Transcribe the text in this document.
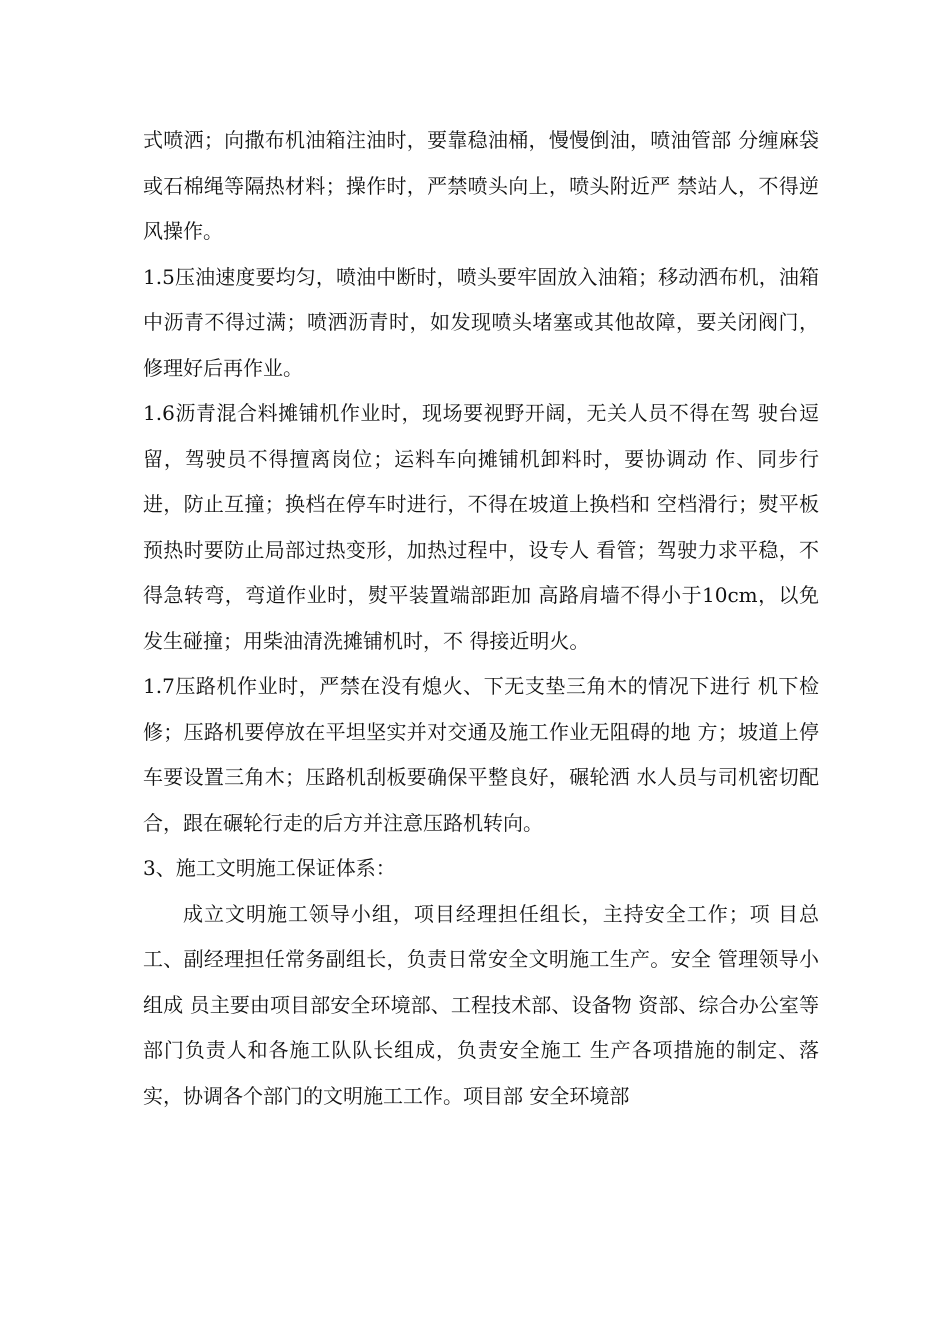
式喷洒；向撒布机油箱注油时，要靠稳油桶，慢慢倒油，喷油管部 分缠麻袋或石棉绳等隔热材料；操作时，严禁喷头向上，喷头附近严 禁站人，不得逆风操作。

1.5压油速度要均匀，喷油中断时，喷头要牢固放入油箱；移动洒布机，油箱中沥青不得过满；喷洒沥青时，如发现喷头堵塞或其他故障，要关闭阀门，修理好后再作业。

1.6沥青混合料摊铺机作业时，现场要视野开阔，无关人员不得在驾 驶台逗留，驾驶员不得擅离岗位；运料车向摊铺机卸料时，要协调动 作、同步行进，防止互撞；换档在停车时进行，不得在坡道上换档和 空档滑行；熨平板预热时要防止局部过热变形，加热过程中，设专人 看管；驾驶力求平稳，不得急转弯，弯道作业时，熨平装置端部距加 高路肩墙不得小于10cm，以免发生碰撞；用柴油清洗摊铺机时，不 得接近明火。

1.7压路机作业时，严禁在没有熄火、下无支垫三角木的情况下进行 机下检修；压路机要停放在平坦坚实并对交通及施工作业无阻碍的地 方；坡道上停车要设置三角木；压路机刮板要确保平整良好，碾轮洒 水人员与司机密切配合，跟在碾轮行走的后方并注意压路机转向。

3、施工文明施工保证体系：

成立文明施工领导小组，项目经理担任组长，主持安全工作；项 目总工、副经理担任常务副组长，负责日常安全文明施工生产。安全 管理领导小组成 员主要由项目部安全环境部、工程技术部、设备物 资部、综合办公室等部门负责人和各施工队队长组成，负责安全施工 生产各项措施的制定、落实，协调各个部门的文明施工工作。项目部 安全环境部
